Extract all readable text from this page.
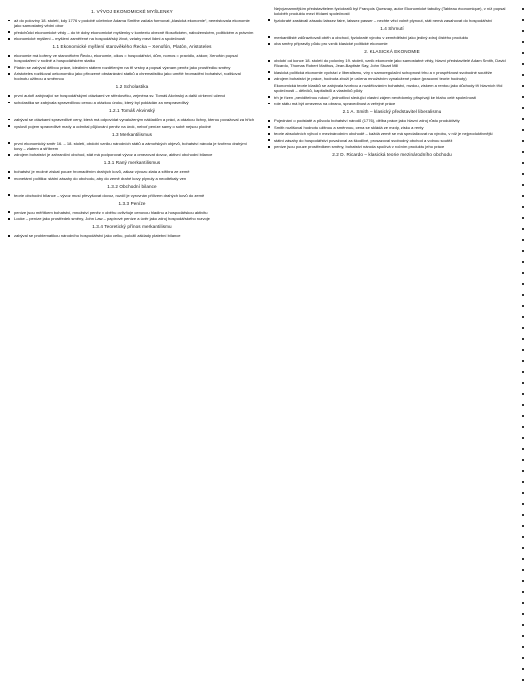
1. VÝVOJ EKONOMICKÉ MYŠLENKY

až do poloviny 18. století, kdy 1776 v podobě učebnice Adama Smithe začala formovat „klasická ekonomie“, neexistovala ekonomie jako samostatný vědní obor

předchůdci ekonomické vědy – do té doby ekonomické myšlenky v kontextu obecně filosofickém, náboženském, politickém a právním

ekonomické myšlení – myšlení zaměřené na hospodářský život, vztahy mezi lidmi a společností

1.1 Ekonomické myšlení starověkého Řecka – Xenofón, Platón, Aristoteles

ekonomie má kořeny ve starověkém Řecku, ekonomie, oikos = hospodářství, dům, nomos = pravidlo, zákon; Xenofón popsal hospodaření v rodině a hospodářském statku

Platón se zabýval dělbou práce, ideálním státem rozděleným na tři vrstvy a popsal význam peněz jako prostředku směny

Aristoteles rozlišoval oekonomiku jako přirozené obstarávání statků a chrematistiku jako umělé hromadění bohatství, rozlišoval hodnotu užitnou a směnnou

1.2 Scholastika

první autoři zabývající se hospodářskými otázkami ve středověku, zejména sv. Tomáš Akvinský a další církevní učenci

scholastika se zabývala spravedlivou cenou a otázkou úroku, který byl pokládán za nespravedlivý

1.2.1 Tomáš Akvinský

zabýval se otázkami spravedlivé ceny, která má odpovídat vynaloženým nákladům a práci, a otázkou lichvy, kterou považoval za hřích

vyslovil pojem spravedlivé mzdy a odmítal půjčování peněz na úrok, neboť peníze samy o sobě nejsou plodné

1.3 Merkantilismus

první ekonomický směr 16. – 18. století, období vzniku národních států a zámořských objevů, bohatství národa je tvořeno drahými kovy – zlatem a stříbrem

zdrojem bohatství je zahraniční obchod, stát má podporovat vývoz a omezovat dovoz, aktivní obchodní bilance

1.3.1 Raný merkantilismus

bohatství je možné získat pouze hromaděním drahých kovů, zákaz vývozu zlata a stříbra ze země

monetární politika: státní zásahy do obchodu, aby do země drahé kovy plynuly a neodtékaly ven

1.3.2 Obchodní bilance

teorie obchodní bilance – vývoz musí převyšovat dovoz, rozdíl je vyrovnán přílivem drahých kovů do země

1.3.3 Peníze

peníze jsou měřítkem bohatství, množství peněz v oběhu ovlivňuje cenovou hladinu a hospodářskou aktivitu

Locke – peníze jako prostředek směny, John Law – papírové peníze a úvěr jako zdroj hospodářského rozvoje

1.3.4 Teoretický přínos merkantilismu

zabýval se problematikou národního hospodářství jako celku, položil základy platební bilance

Nejvýznamnějším představitelem fyziokratů byl François Quesnay, autor Ekonomické tabulky (Tableau économique), v níž popsal koloběh produktu mezi třídami společnosti

fyziokraté zastávali zásadu laissez faire, laissez passer – nechte věci volně plynout, stát nemá zasahovat do hospodářství

1.4 Shrnutí

merkantilisté zdůrazňovali oběh a obchod, fyziokraté výrobu v zemědělství jako jediný zdroj čistého produktu

oba směry připravily půdu pro vznik klasické politické ekonomie

2. KLASICKÁ EKONOMIE

období od konce 18. století do poloviny 19. století, vznik ekonomie jako samostatné vědy, hlavní představitelé Adam Smith, David Ricardo, Thomas Robert Malthus, Jean-Baptiste Say, John Stuart Mill

klasická politická ekonomie vychází z liberalismu, víry v samoregulační schopnost trhu a v prospěšnost svobodné soutěže

zdrojem bohatství je práce, hodnota zboží je určena množstvím vynaložené práce (pracovní teorie hodnoty)

Ekonomická teorie klasiků se zabývala tvorbou a rozdělováním bohatství, mzdou, ziskem a rentou jako důchody tří hlavních tříd společnosti – dělníků, kapitalistů a vlastníků půdy

trh je řízen „neviditelnou rukou“, jednotlivci sledující vlastní zájem nevědomky přispívají ke blahu celé společnosti

role státu má být omezena na obranu, spravedlnost a veřejné práce

2.1 A. Smith – klasický představitel liberalismu

Pojednání o podstatě a původu bohatství národů (1776), dělba práce jako hlavní zdroj růstu produktivity

Smith rozlišoval hodnotu užitnou a směnnou, cena se skládá ze mzdy, zisku a renty

teorie absolutních výhod v mezinárodním obchodě – každá země se má specializovat na výrobu, v níž je nejproduktivnější

státní zásahy do hospodářství považoval za škodlivé, prosazoval svobodný obchod a volnou soutěž

peníze jsou pouze prostředkem směny, bohatství národa spočívá v ročním produktu jeho práce

2.2 D. Ricardo – klasická teorie mezinárodního obchodu
